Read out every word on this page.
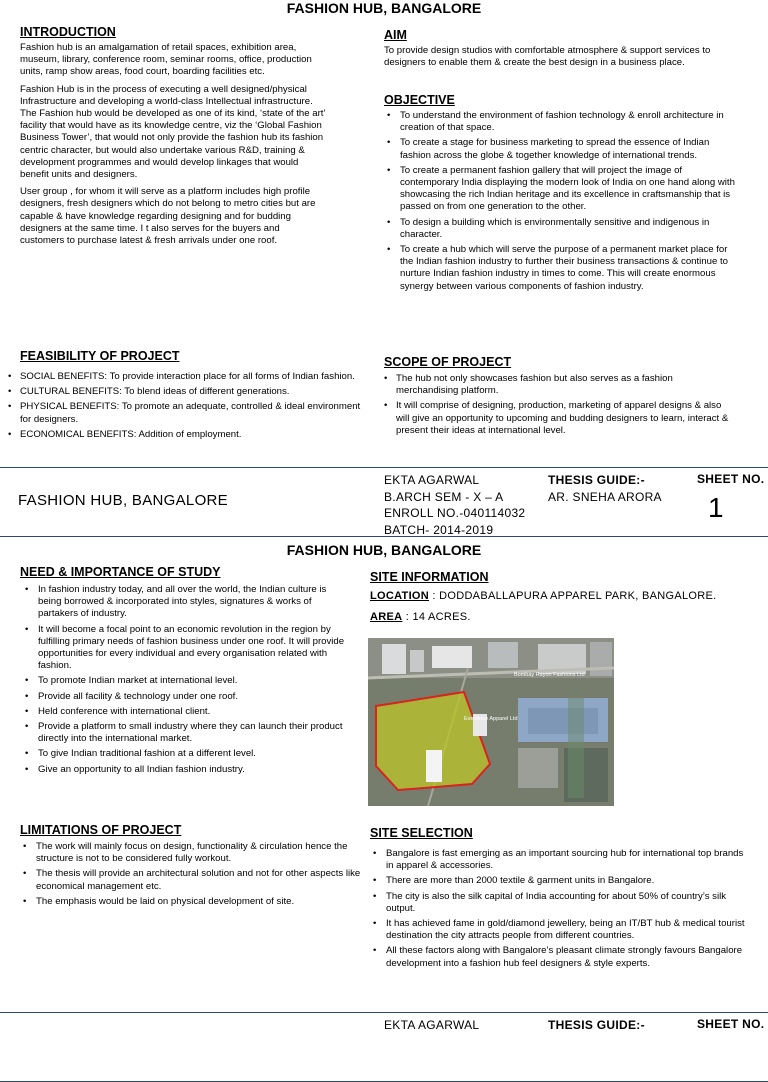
FASHION HUB, BANGALORE
INTRODUCTION

Fashion hub is an amalgamation of retail spaces, exhibition area, museum, library, conference room, seminar rooms, office, production units, ramp show areas, food court, boarding facilities etc.

Fashion Hub is in the process of executing a well designed/physical Infrastructure and developing a world-class Intellectual infrastructure. The Fashion hub would be developed as one of its kind, ‘state of the art’ facility that would have as its knowledge centre, viz the ‘Global Fashion Business Tower’, that would not only provide the fashion hub its fashion centric character, but would also undertake various R&D, training & development programmes and would develop linkages that would benefit units and designers.

User group , for whom it will serve as a platform includes high profile designers, fresh designers which do not belong to metro cities but are capable & have knowledge regarding designing and for budding designers at the same time. I t also serves for the buyers and customers to purchase latest & fresh arrivals under one roof.

AIM
To provide design studios with comfortable atmosphere & support services to designers to enable them & create the best design in a business place.
OBJECTIVE
• To understand the environment of fashion technology & enroll architecture in creation of that space.
• To create a stage for business marketing to spread the essence of Indian fashion across the globe & together knowledge of international trends.
• To create a permanent fashion gallery that will project the image of contemporary India displaying the modern look of India on one hand along with showcasing the rich Indian heritage and its excellence in craftsmanship that is passed on from one generation to the other.
• To design a building which is environmentally sensitive and indigenous in character.
• To create a hub which will serve the purpose of a permanent market place for the Indian fashion industry to further their business transactions & continue to nurture Indian fashion industry in times to come. This will create enormous synergy between various components of fashion industry.
FEASIBILITY OF PROJECT
• SOCIAL BENEFITS: To provide interaction place for all forms of Indian fashion.
• CULTURAL BENEFITS: To blend ideas of different generations.
• PHYSICAL BENEFITS: To promote an adequate, controlled & ideal environment for designers.
• ECONOMICAL BENEFITS: Addition of employment.
SCOPE OF PROJECT
• The hub not only showcases fashion but also serves as a fashion merchandising platform.
• It will comprise of designing, production, marketing of apparel designs & also will give an opportunity to upcoming and budding designers to learn, interact & present their ideas at international level.
FASHION HUB, BANGALORE
EKTA AGARWAL
B.ARCH SEM - X – A
ENROLL NO.-040114032
BATCH- 2014-2019
THESIS GUIDE:-
AR. SNEHA ARORA
SHEET NO.
1
FASHION HUB, BANGALORE
NEED & IMPORTANCE OF STUDY
• In fashion industry today, and all over the world, the Indian culture is being borrowed & incorporated into styles, signatures & works of partakers of industry.
• It will become a focal point to an economic revolution in the region by fulfilling primary needs of fashion business under one roof. It will provide opportunities for every individual and every organisation related with fashion.
• To promote Indian market at international level.
• Provide all facility & technology under one roof.
• Held conference with international client.
• Provide a platform to small industry where they can launch their product directly into the international market.
• To give Indian traditional fashion at a different level.
• Give an opportunity to all Indian fashion industry.
LIMITATIONS OF PROJECT
• The work will mainly focus on design, functionality & circulation hence the structure is not to be considered fully workout.
• The thesis will provide an architectural solution and not for other aspects like economical management etc.
• The emphasis would be laid on physical development of site.
SITE INFORMATION
LOCATION : DODDABALLAPURA APPAREL PARK, BANGALORE.
AREA : 14 ACRES.
Bombay Rayon Fashions Ltd
Eversince Apparel Ltd
SITE SELECTION
• Bangalore is fast emerging as an important sourcing hub for international top brands in apparel & accessories.
• There are more than 2000 textile & garment units in Bangalore.
• The city is also the silk capital of India accounting for about 50% of country’s silk output.
• It has achieved fame in gold/diamond jewellery, being an IT/BT hub & medical tourist destination the city attracts people from different countries.
• All these factors along with Bangalore’s pleasant climate strongly favours Bangalore development into a fashion hub feel designers & style experts.
EKTA AGARWAL	THESIS GUIDE:-	SHEET NO.
